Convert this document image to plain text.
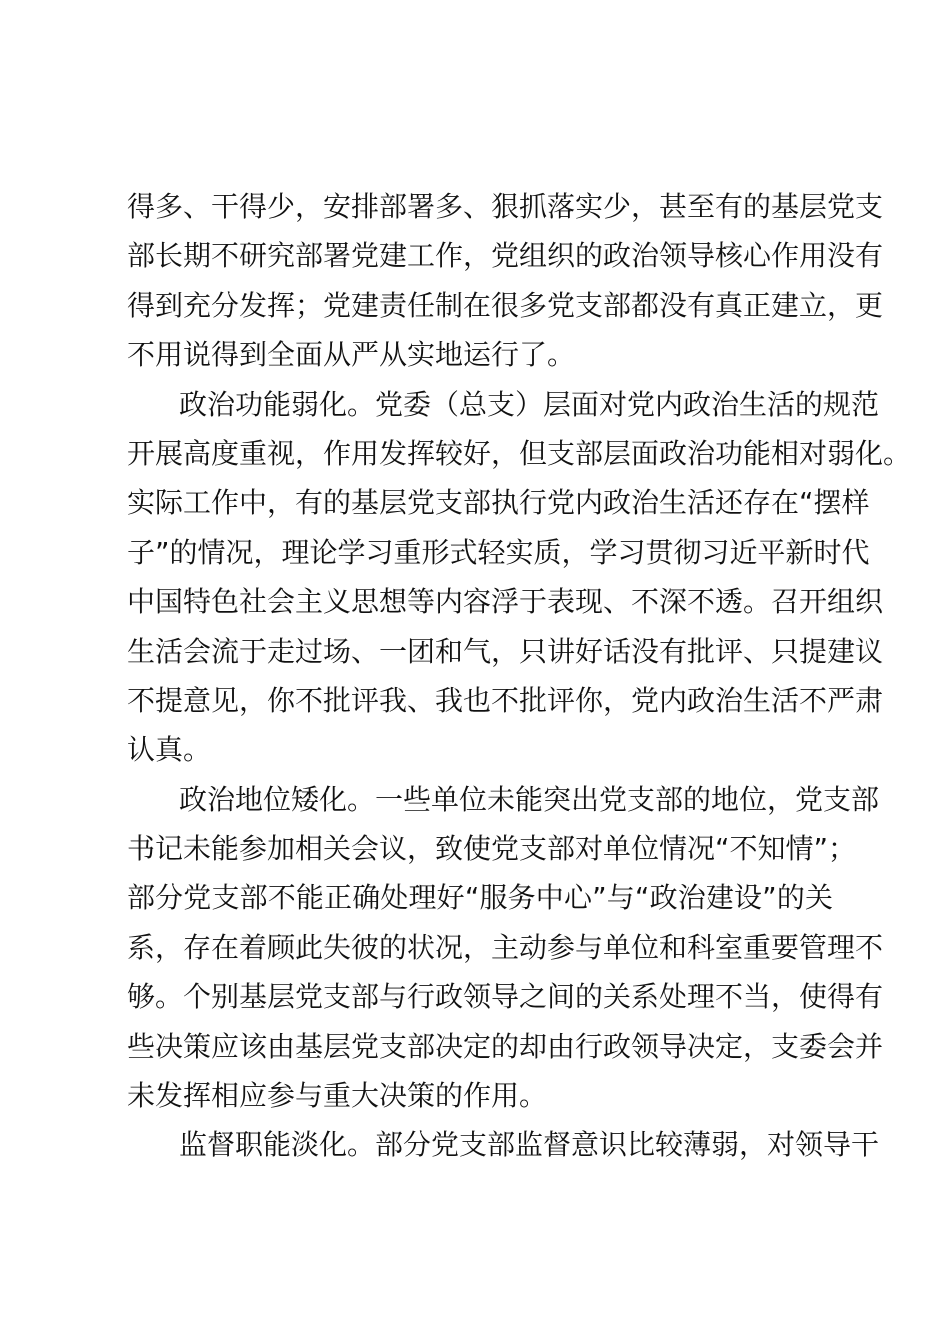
得多、干得少，安排部署多、狠抓落实少，甚至有的基层党支
部长期不研究部署党建工作，党组织的政治领导核心作用没有
得到充分发挥；党建责任制在很多党支部都没有真正建立，更
不用说得到全面从严从实地运行了。
政治功能弱化。党委（总支）层面对党内政治生活的规范
开展高度重视，作用发挥较好，但支部层面政治功能相对弱化。
实际工作中，有的基层党支部执行党内政治生活还存在“摆样
子”的情况，理论学习重形式轻实质，学习贯彻习近平新时代
中国特色社会主义思想等内容浮于表现、不深不透。召开组织
生活会流于走过场、一团和气，只讲好话没有批评、只提建议
不提意见，你不批评我、我也不批评你，党内政治生活不严肃
认真。
政治地位矮化。一些单位未能突出党支部的地位，党支部
书记未能参加相关会议，致使党支部对单位情况“不知情”；
部分党支部不能正确处理好“服务中心”与“政治建设”的关
系，存在着顾此失彼的状况，主动参与单位和科室重要管理不
够。个别基层党支部与行政领导之间的关系处理不当，使得有
些决策应该由基层党支部决定的却由行政领导决定，支委会并
未发挥相应参与重大决策的作用。
监督职能淡化。部分党支部监督意识比较薄弱，对领导干
